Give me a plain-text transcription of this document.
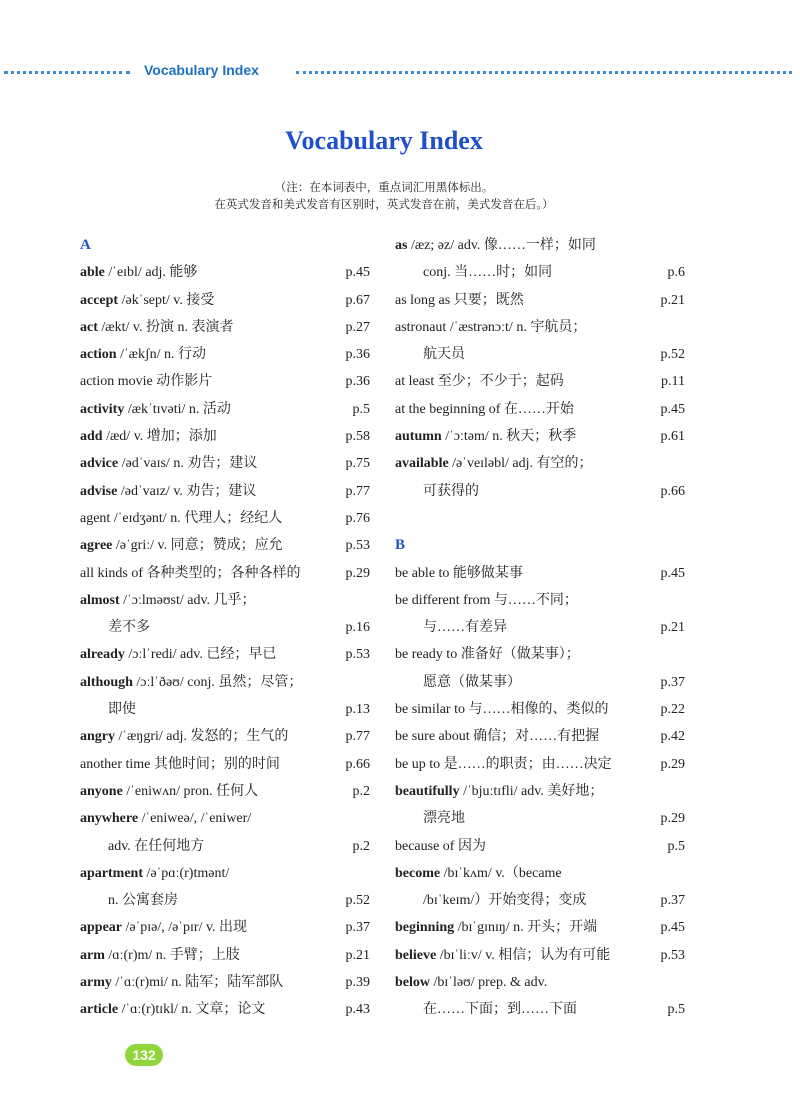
Vocabulary Index
Vocabulary Index
（注：在本词表中，重点词汇用黑体标出。
在英式发音和美式发音有区别时，英式发音在前，美式发音在后。）
A
able /ˈeɪbl/ adj. 能够	p.45
accept /əkˈsept/ v. 接受	p.67
act /ækt/ v. 扮演 n. 表演者	p.27
action /ˈækʃn/ n. 行动	p.36
action movie 动作影片	p.36
activity /ækˈtɪvəti/ n. 活动	p.5
add /æd/ v. 增加；添加	p.58
advice /ədˈvaɪs/ n. 劝告；建议	p.75
advise /ədˈvaɪz/ v. 劝告；建议	p.77
agent /ˈeɪdʒənt/ n. 代理人；经纪人	p.76
agree /əˈgriː/ v. 同意；赞成；应允	p.53
all kinds of 各种类型的；各种各样的	p.29
almost /ˈɔːlməʊst/ adv. 几乎；
差不多	p.16
already /ɔːlˈredi/ adv. 已经；早已	p.53
although /ɔːlˈðəʊ/ conj. 虽然；尽管；
即使	p.13
angry /ˈæŋgri/ adj. 发怒的；生气的	p.77
another time 其他时间；别的时间	p.66
anyone /ˈeniwʌn/ pron. 任何人	p.2
anywhere /ˈeniweə/, /ˈeniwer/
adv. 在任何地方	p.2
apartment /əˈpɑː(r)tmənt/
n. 公寓套房	p.52
appear /əˈpɪə/, /əˈpɪr/ v. 出现	p.37
arm /ɑː(r)m/ n. 手臂；上肢	p.21
army /ˈɑː(r)mi/ n. 陆军；陆军部队	p.39
article /ˈɑː(r)tɪkl/ n. 文章；论文	p.43
as /æz; əz/ adv. 像……一样；如同
conj. 当……时；如同	p.6
as long as 只要；既然	p.21
astronaut /ˈæstrənɔːt/ n. 宇航员；
航天员	p.52
at least 至少；不少于；起码	p.11
at the beginning of 在……开始	p.45
autumn /ˈɔːtəm/ n. 秋天；秋季	p.61
available /əˈveɪləbl/ adj. 有空的；
可获得的	p.66
B
be able to 能够做某事	p.45
be different from 与……不同；
与……有差异	p.21
be ready to 准备好（做某事）；
愿意（做某事）	p.37
be similar to 与……相像的、类似的	p.22
be sure about 确信；对……有把握	p.42
be up to 是……的职责；由……决定	p.29
beautifully /ˈbjuːtɪfli/ adv. 美好地；
漂亮地	p.29
because of 因为	p.5
become /bɪˈkʌm/ v.（became
/bɪˈkeɪm/）开始变得；变成	p.37
beginning /bɪˈgɪnɪŋ/ n. 开头；开端	p.45
believe /bɪˈliːv/ v. 相信；认为有可能	p.53
below /bɪˈləʊ/ prep. & adv.
在……下面；到……下面	p.5
132
